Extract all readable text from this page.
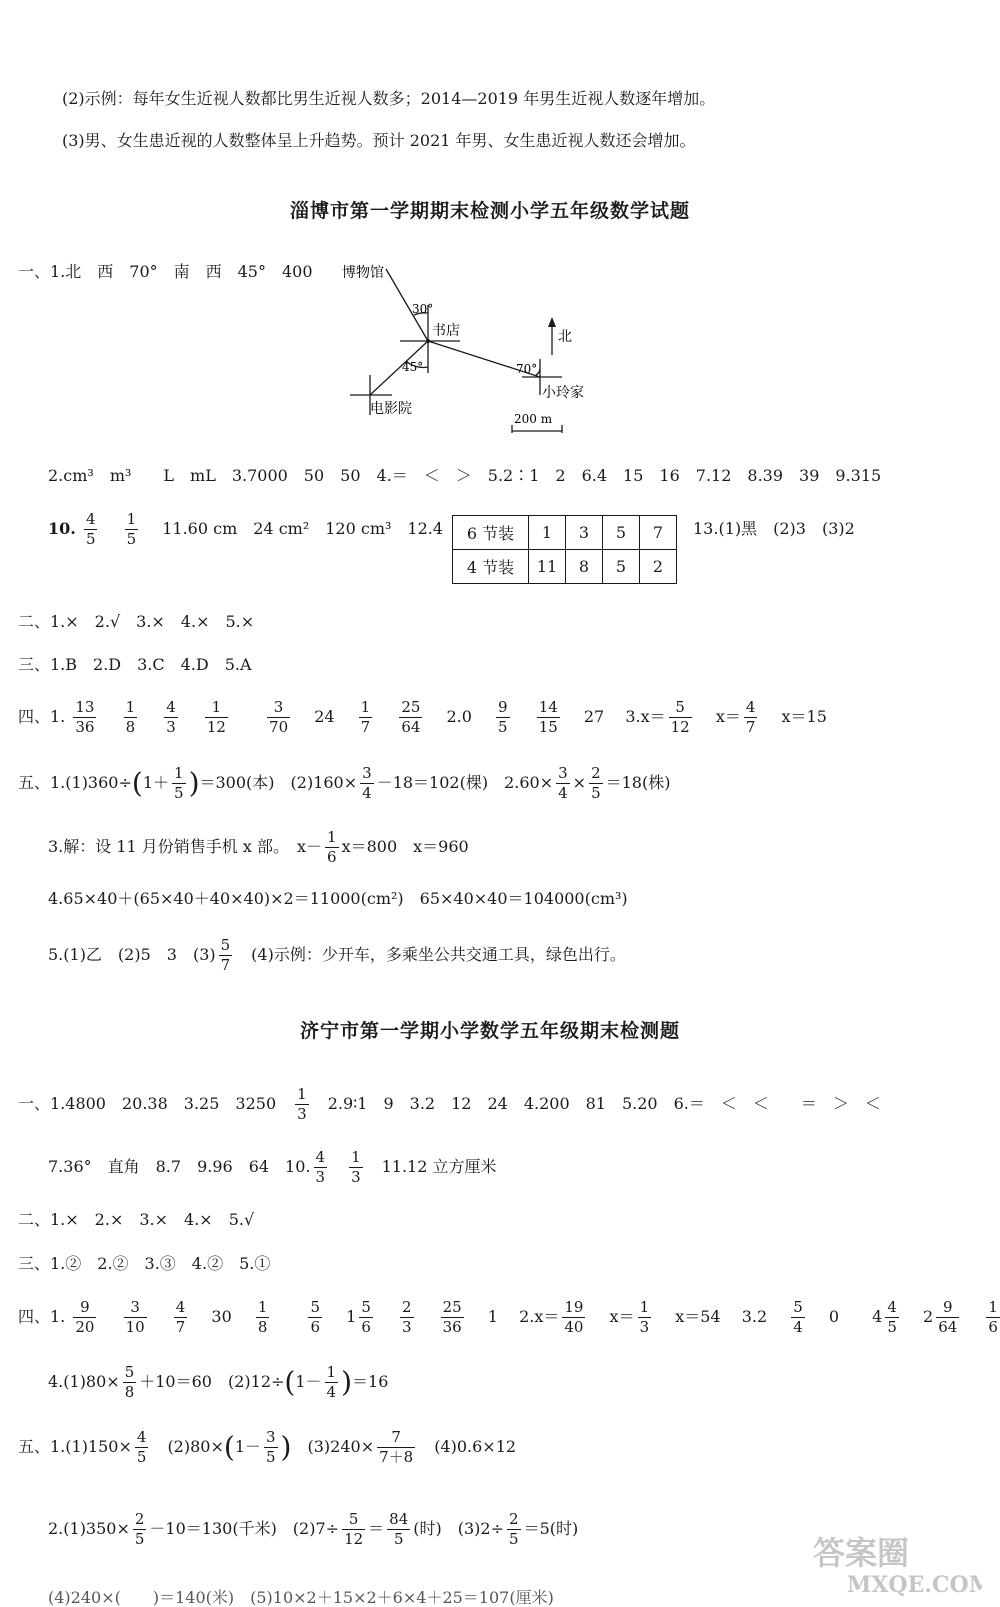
(2)示例：每年女生近视人数都比男生近视人数多；2014—2019 年男生近视人数逐年增加。
(3)男、女生患近视的人数整体呈上升趋势。预计 2021 年男、女生患近视人数还会增加。
淄博市第一学期期末检测小学五年级数学试题
一、1.北　西　70°　南　西　45°　400 博物馆
30°
书店
45°
电影院
70°
小玲家
北
200 m
2.cm³　m³　　L　mL　3.7000　50　50　4.＝　＜　＞　5.2∶1　2　6.4　15　16　7.12　8.39　39　9.315
10. $\frac{4}{5}$
$\frac{1}{5} 11.60$ cm　24 cm²　120 cm³　12.4 6 节装	1	3	5	7
4 节装	11	8	5	2
13.(1)黑　(2)3　(3)2
二、1.×　2.√　3.×　4.×　5.×
三、1.B　2.D　3.C　4.D　5.A
四、1. $\frac{13}{36}$
$\frac{1}{8}$
$\frac{4}{3}$
$\frac{1}{12}$
	$\frac{3}{70} 24 \frac{1}{7}$
$\frac{25}{64} 2.0 \frac{9}{5}$
$\frac{14}{15} 27$ $3.x= \frac{5}{12} x= \frac{4}{7} x=15$
五、$1.(1)360\div(1+ \frac{1}{5} )=300$(本)　$(2)160\times \frac{3}{4} -18=102$(棵)　$2.60\times \frac{3}{4} \times \frac{2}{5} =18$(株)
3.解：设 11 月份销售手机 x 部。　$x- \frac{1}{6} x=800$　x＝960
4.65×40＋(65×40＋40×40)×2＝11000(cm²)　65×40×40＝104000(cm³)
5.(1)乙　(2)5　3　$(3) \frac{5}{7} (4)$示例：少开车，多乘坐公共交通工具，绿色出行。
济宁市第一学期小学数学五年级期末检测题
一、1.4800　20.38　3.25　$3250 \frac{1}{3}$ 2.9∶1　9　3.2　12　24　4.200　81　5.20　6.＝　＜　＜　　＝　＞　＜
7.36°　直角　8.7　9.96　64　10. $\frac{4}{3} \frac{1}{3} 11.12$ 立方厘米
二、1.×　2.×　3.×　4.×　5.√
三、1.②　2.②　3.③　4.②　5.①
四、1. $\frac{9}{20}$
$\frac{3}{10}$
$\frac{4}{7} 30 \frac{1}{8}$
	$\frac{5}{6} 1 \frac{5}{6}$
$\frac{2}{3}$
$\frac{25}{36} 1$ $2.x= \frac{19}{40} x= \frac{1}{3} x=54$ $3.2 \frac{5}{4} 0$ $4 \frac{4}{5} 2 \frac{9}{64}$
$\frac{1}{6}$
$4.(1)80\times \frac{5}{8} +10=60$　$(2)12\div(1- \frac{1}{4} )=16$
五、$1.(1)150\times \frac{4}{5} (2)80\times(1- \frac{3}{5}$ ) $(3)240\times \frac{7}{7+8} (4)0.6\times 12$
$2.(1)350\times \frac{2}{5} -10=130$(千米)　$(2)7\div \frac{5}{12} = \frac{84}{5}$ (时)　$(3)2\div \frac{2}{5} =5$(时)
(4)240×(　　)＝140(米)　(5)10×2＋15×2＋6×4＋25＝107(厘米)
答案圈
MXQE.COM
